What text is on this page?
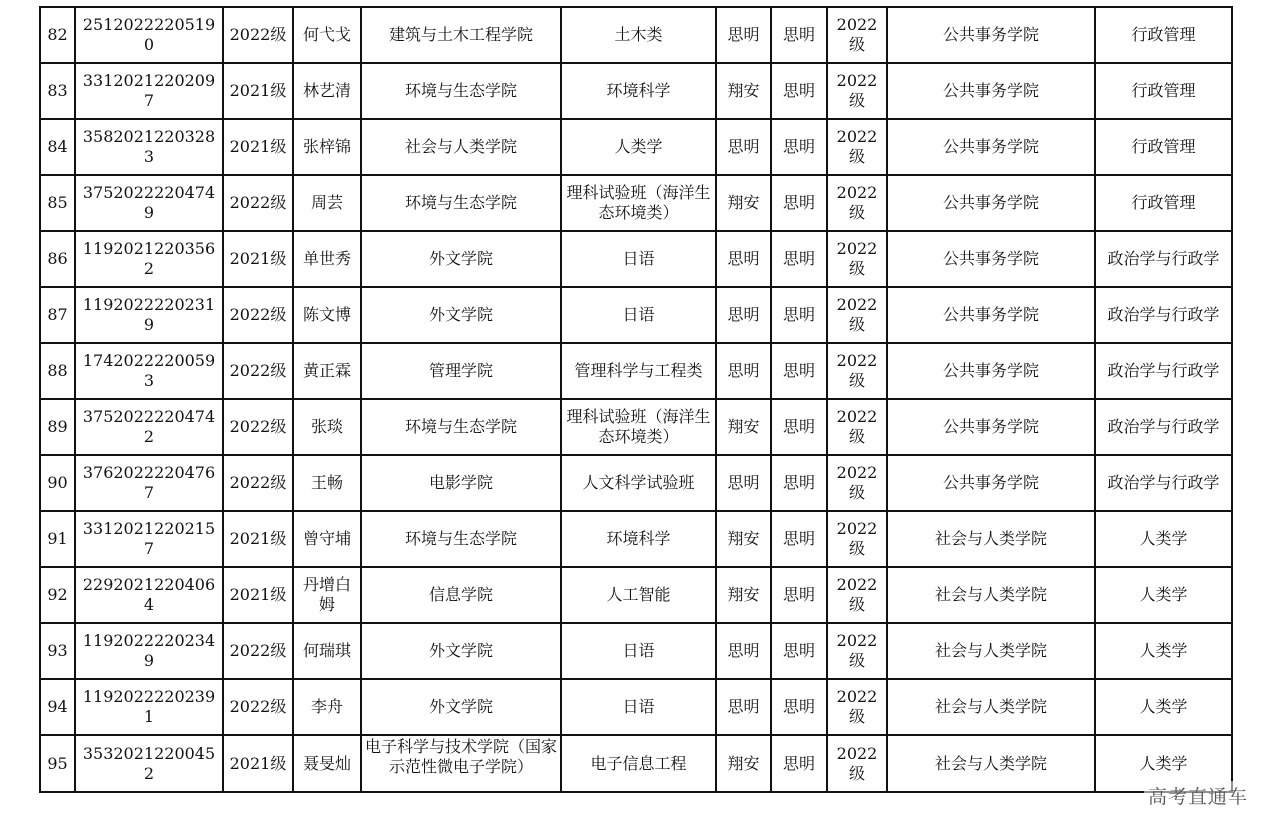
82	25120222205190	2022级	何弋戈	建筑与土木工程学院	土木类	思明	思明	2022级	公共事务学院	行政管理
83	33120212202097	2021级	林艺清	环境与生态学院	环境科学	翔安	思明	2022级	公共事务学院	行政管理
84	35820212203283	2021级	张梓锦	社会与人类学院	人类学	思明	思明	2022级	公共事务学院	行政管理
85	37520222204749	2022级	周芸	环境与生态学院	理科试验班（海洋生态环境类）	翔安	思明	2022级	公共事务学院	行政管理
86	11920212203562	2021级	单世秀	外文学院	日语	思明	思明	2022级	公共事务学院	政治学与行政学
87	11920222202319	2022级	陈文博	外文学院	日语	思明	思明	2022级	公共事务学院	政治学与行政学
88	17420222200593	2022级	黄正霖	管理学院	管理科学与工程类	思明	思明	2022级	公共事务学院	政治学与行政学
89	37520222204742	2022级	张琰	环境与生态学院	理科试验班（海洋生态环境类）	翔安	思明	2022级	公共事务学院	政治学与行政学
90	37620222204767	2022级	王畅	电影学院	人文科学试验班	思明	思明	2022级	公共事务学院	政治学与行政学
91	33120212202157	2021级	曾守埔	环境与生态学院	环境科学	翔安	思明	2022级	社会与人类学院	人类学
92	22920212204064	2021级	丹增白姆	信息学院	人工智能	翔安	思明	2022级	社会与人类学院	人类学
93	11920222202349	2022级	何瑞琪	外文学院	日语	思明	思明	2022级	社会与人类学院	人类学
94	11920222202391	2022级	李舟	外文学院	日语	思明	思明	2022级	社会与人类学院	人类学
95	35320212200452	2021级	聂旻灿	电子科学与技术学院（国家示范性微电子学院）	电子信息工程	翔安	思明	2022级	社会与人类学院	人类学
高考直通车
